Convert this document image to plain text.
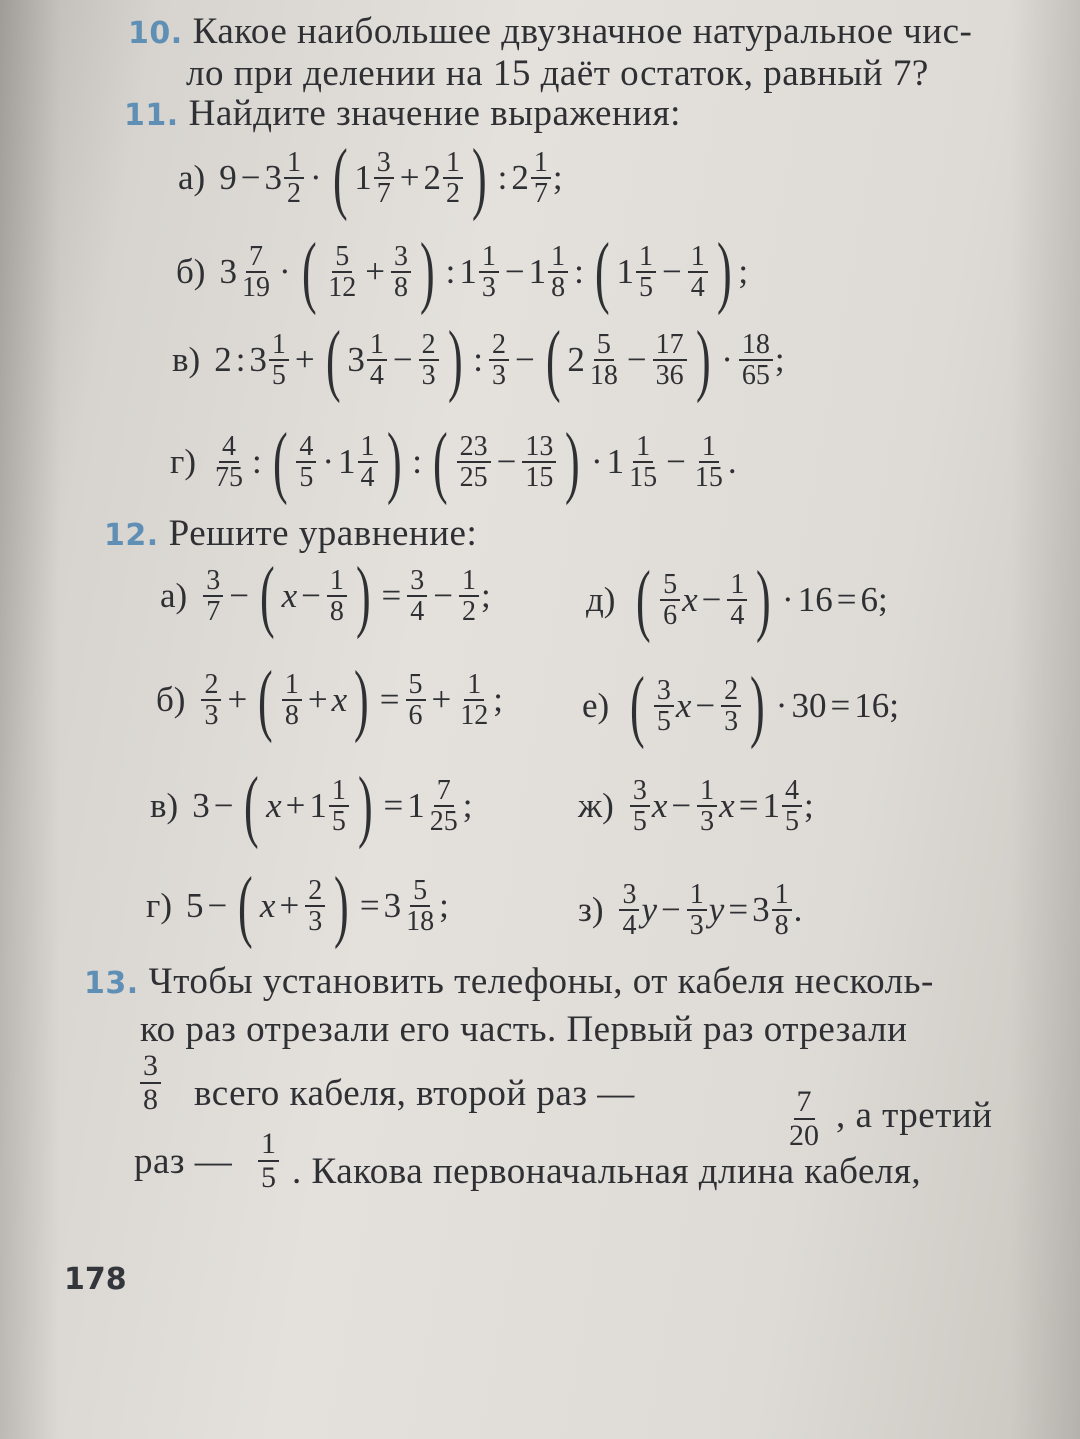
10. Какое наибольшее двузначное натуральное чис-
ло при делении на 15 даёт остаток, равный 7?
11. Найдите значение выражения:
а) $9 - 3 \frac{1}{2}$ · ( $1 \frac{3}{7} + 2 \frac{1}{2}$ ) : $2 \frac{1}{7}$ ;
б) $3 \frac{7}{19}$ · ( $\frac{5}{12} + \frac{3}{8}$ ) : $1 \frac{1}{3} - 1 \frac{1}{8}$ : ( $1 \frac{1}{5} - \frac{1}{4}$ ) ;
в) 2 : $3 \frac{1}{5}$ + ( $3 \frac{1}{4} - \frac{2}{3}$ ) : $\frac{2}{3}$ − ( $2 \frac{5}{18} - \frac{17}{36}$ ) · $\frac{18}{65}$ ;
$г) \frac{4}{75}$ : ( $\frac{4}{5} \cdot 1 \frac{1}{4}$ ) : ( $\frac{23}{25} - \frac{13}{15}$ ) · $1 \frac{1}{15} - \frac{1}{15}$ .
12. Решите уравнение:
$а) \frac{3}{7}$ − ( $x - \frac{1}{8}$ ) = $\frac{3}{4} - \frac{1}{2}$ ;
$б) \frac{2}{3}$ + ( $\frac{1}{8} + x$ ) = $\frac{5}{6} + \frac{1}{12}$ ;
в) 3 − ( $x + 1 \frac{1}{5}$ ) = $1 \frac{7}{25}$ ;
г) 5 − ( $x + \frac{2}{3}$ ) = $3 \frac{5}{18}$ ;
д) ( $\frac{5}{6}$ $x - \frac{1}{4}$ ) · 16 = 6;
е) ( $\frac{3}{5}$ $x - \frac{2}{3}$ ) · 30 = 16;
$ж) \frac{3}{5}$ $x - \frac{1}{3}$ $x = 1 \frac{4}{5}$ ;
$з) \frac{3}{4}$ $y - \frac{1}{3}$ $y = 3 \frac{1}{8}$ .
13. Чтобы установить телефоны, от кабеля несколь-
ко раз отрезали его часть. Первый раз отрезали
$\frac{3}{8}$ всего кабеля, второй раз —	$\frac{7}{20}$ , а третий
раз — $\frac{1}{5}$ . Какова первоначальная длина кабеля,
178
